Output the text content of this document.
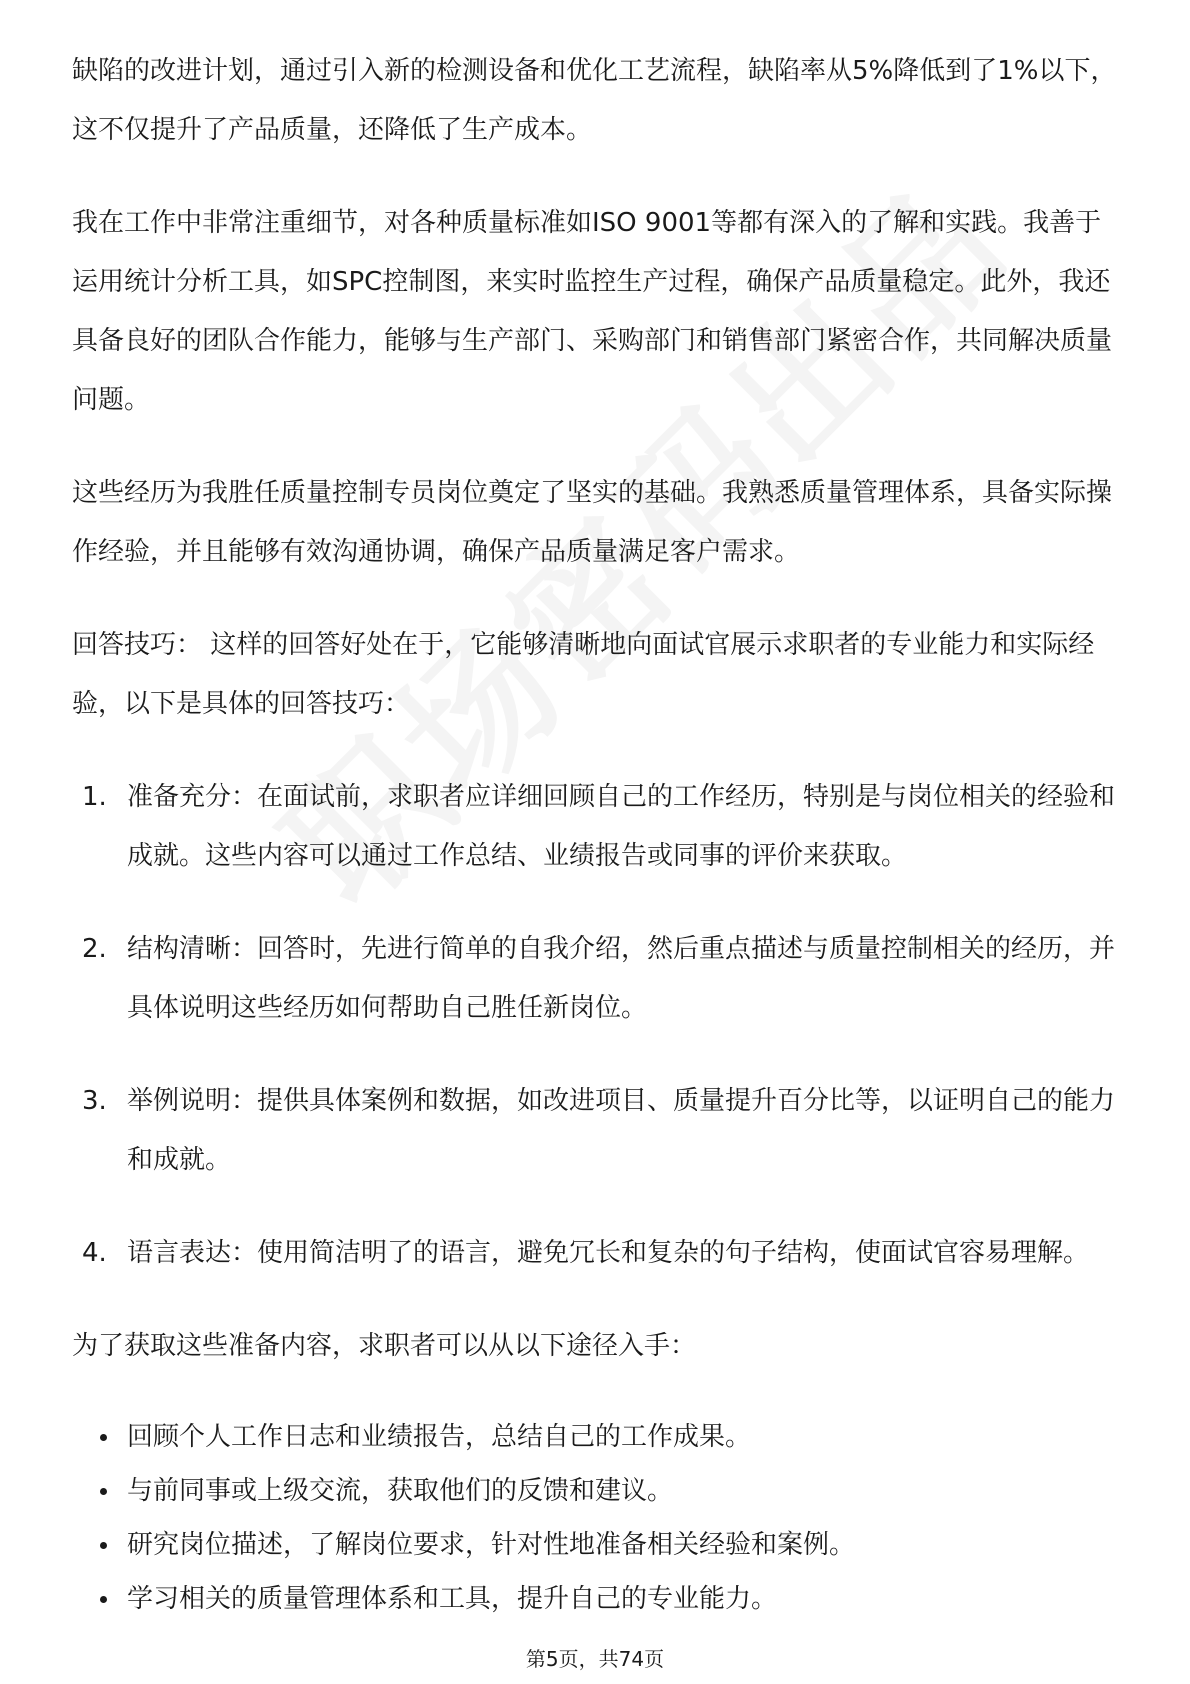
缺陷的改进计划，通过引入新的检测设备和优化工艺流程，缺陷率从5%降低到了1%以下，这不仅提升了产品质量，还降低了生产成本。

我在工作中非常注重细节，对各种质量标准如ISO 9001等都有深入的了解和实践。我善于运用统计分析工具，如SPC控制图，来实时监控生产过程，确保产品质量稳定。此外，我还具备良好的团队合作能力，能够与生产部门、采购部门和销售部门紧密合作，共同解决质量问题。

这些经历为我胜任质量控制专员岗位奠定了坚实的基础。我熟悉质量管理体系，具备实际操作经验，并且能够有效沟通协调，确保产品质量满足客户需求。

回答技巧： 这样的回答好处在于，它能够清晰地向面试官展示求职者的专业能力和实际经验，以下是具体的回答技巧：

1. 准备充分：在面试前，求职者应详细回顾自己的工作经历，特别是与岗位相关的经验和成就。这些内容可以通过工作总结、业绩报告或同事的评价来获取。
2. 结构清晰：回答时，先进行简单的自我介绍，然后重点描述与质量控制相关的经历，并具体说明这些经历如何帮助自己胜任新岗位。
3. 举例说明：提供具体案例和数据，如改进项目、质量提升百分比等，以证明自己的能力和成就。
4. 语言表达：使用简洁明了的语言，避免冗长和复杂的句子结构，使面试官容易理解。

为了获取这些准备内容，求职者可以从以下途径入手：

回顾个人工作日志和业绩报告，总结自己的工作成果。
与前同事或上级交流，获取他们的反馈和建议。
研究岗位描述，了解岗位要求，针对性地准备相关经验和案例。
学习相关的质量管理体系和工具，提升自己的专业能力。
第5页，共74页
